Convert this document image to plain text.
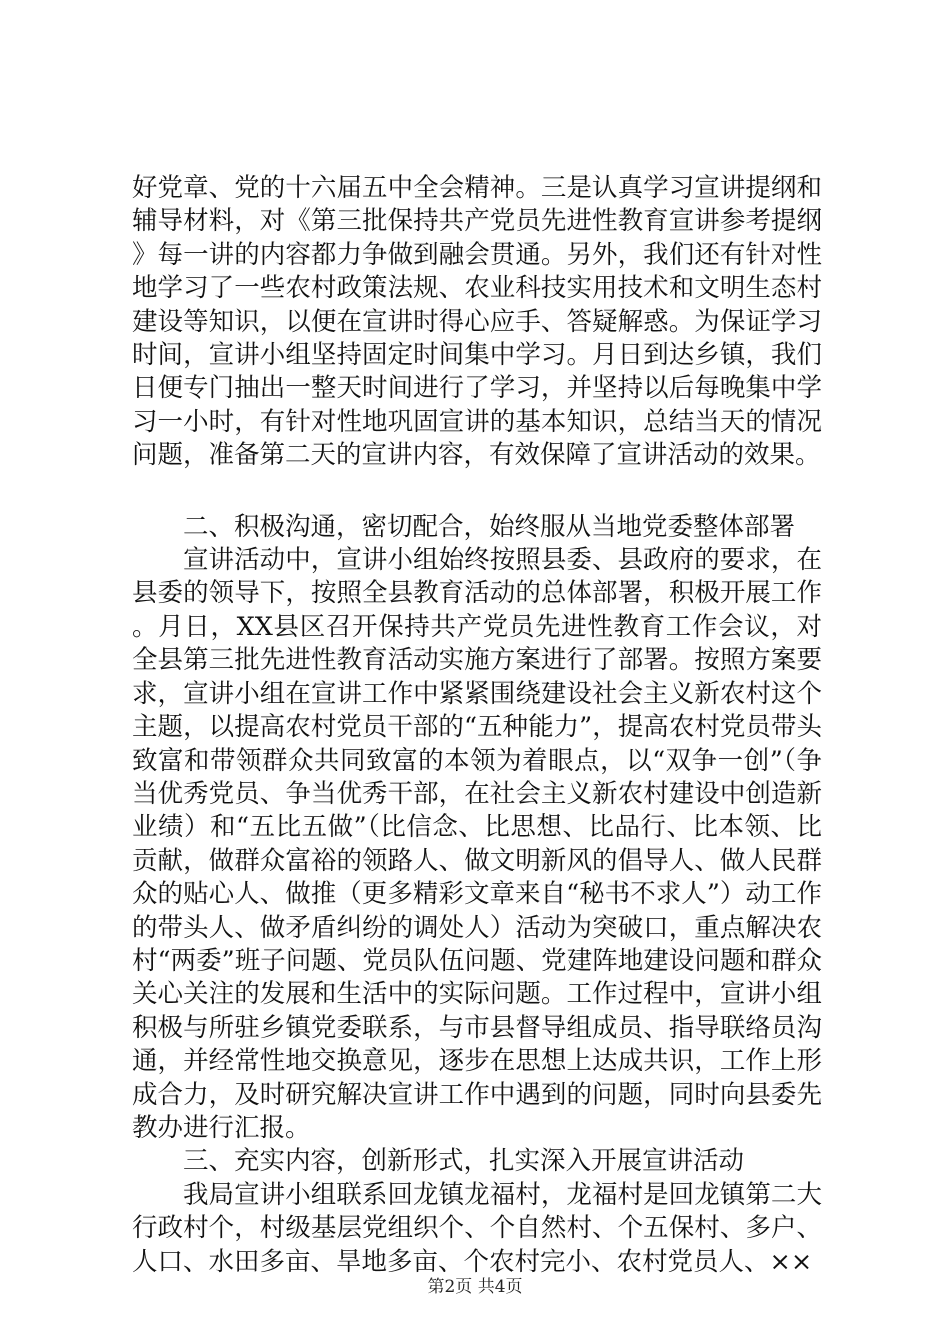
好党章、党的十六届五中全会精神。三是认真学习宣讲提纲和辅导材料，对《第三批保持共产党员先进性教育宣讲参考提纲》每一讲的内容都力争做到融会贯通。另外，我们还有针对性地学习了一些农村政策法规、农业科技实用技术和文明生态村建设等知识，以便在宣讲时得心应手、答疑解惑。为保证学习时间，宣讲小组坚持固定时间集中学习。月日到达乡镇，我们日便专门抽出一整天时间进行了学习，并坚持以后每晚集中学习一小时，有针对性地巩固宣讲的基本知识，总结当天的情况问题，准备第二天的宣讲内容，有效保障了宣讲活动的效果。

二、积极沟通，密切配合，始终服从当地党委整体部署

宣讲活动中，宣讲小组始终按照县委、县政府的要求，在县委的领导下，按照全县教育活动的总体部署，积极开展工作。月日，XX县区召开保持共产党员先进性教育工作会议，对全县第三批先进性教育活动实施方案进行了部署。按照方案要求，宣讲小组在宣讲工作中紧紧围绕建设社会主义新农村这个主题，以提高农村党员干部的“五种能力”，提高农村党员带头致富和带领群众共同致富的本领为着眼点，以“双争一创”（争当优秀党员、争当优秀干部，在社会主义新农村建设中创造新业绩）和“五比五做”（比信念、比思想、比品行、比本领、比贡献，做群众富裕的领路人、做文明新风的倡导人、做人民群众的贴心人、做推（更多精彩文章来自“秘书不求人”）动工作的带头人、做矛盾纠纷的调处人）活动为突破口，重点解决农村“两委”班子问题、党员队伍问题、党建阵地建设问题和群众关心关注的发展和生活中的实际问题。工作过程中，宣讲小组积极与所驻乡镇党委联系，与市县督导组成员、指导联络员沟通，并经常性地交换意见，逐步在思想上达成共识，工作上形成合力，及时研究解决宣讲工作中遇到的问题，同时向县委先教办进行汇报。

三、充实内容，创新形式，扎实深入开展宣讲活动

我局宣讲小组联系回龙镇龙福村，龙福村是回龙镇第二大行政村个，村级基层党组织个、个自然村、个五保村、多户、人口、水田多亩、旱地多亩、个农村完小、农村党员人、××

第2页 共4页
